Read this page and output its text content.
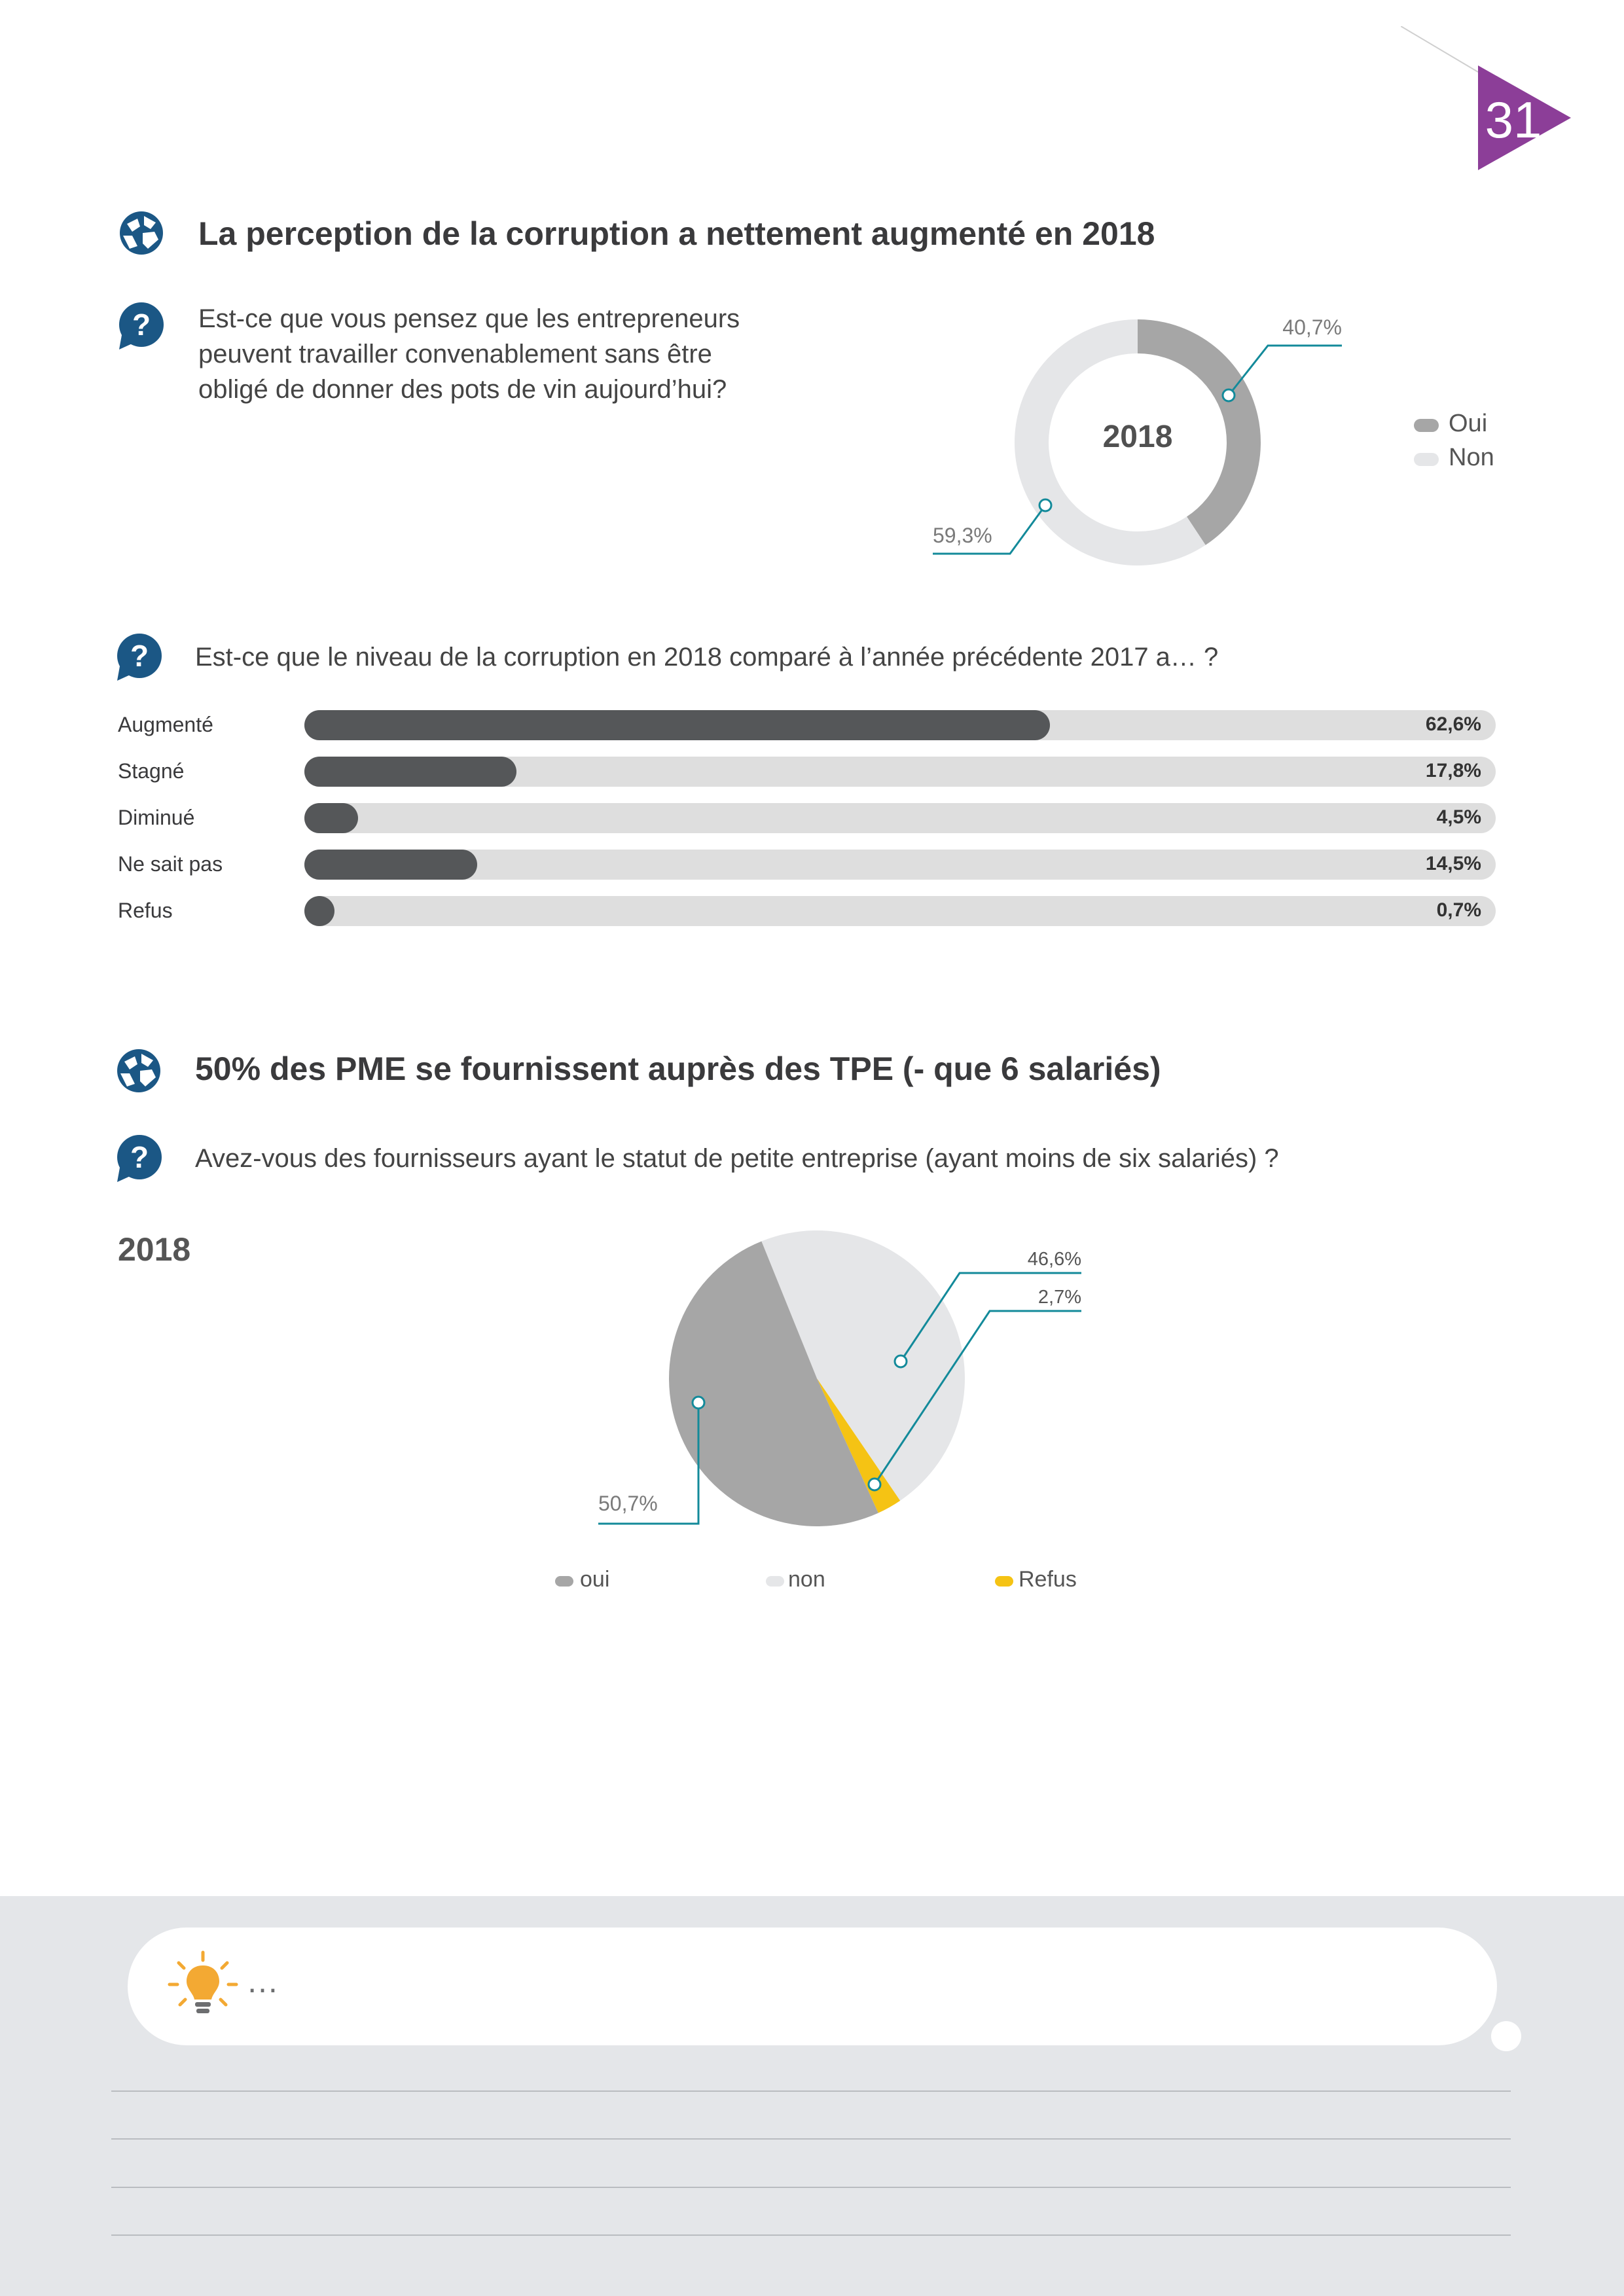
31
La perception de la corruption a nettement augmenté en 2018
? Est-ce que vous pensez que les entrepreneurs
peuvent travailler convenablement sans être
obligé de donner des pots de vin aujourd’hui?
2018
40,7%
59,3%
Oui
Non
? Est-ce que le niveau de la corruption en 2018 comparé à l’année précédente 2017 a… ?
Augmenté	62,6%
Stagné	17,8%
Diminué	4,5%
Ne sait pas	14,5%
Refus	0,7%
50% des PME se fournissent auprès des TPE (- que 6 salariés)
? Avez-vous des fournisseurs ayant le statut de petite entreprise (ayant moins de six salariés) ?
2018	46,6%
2,7%
50,7%
oui	non	Refus
…
